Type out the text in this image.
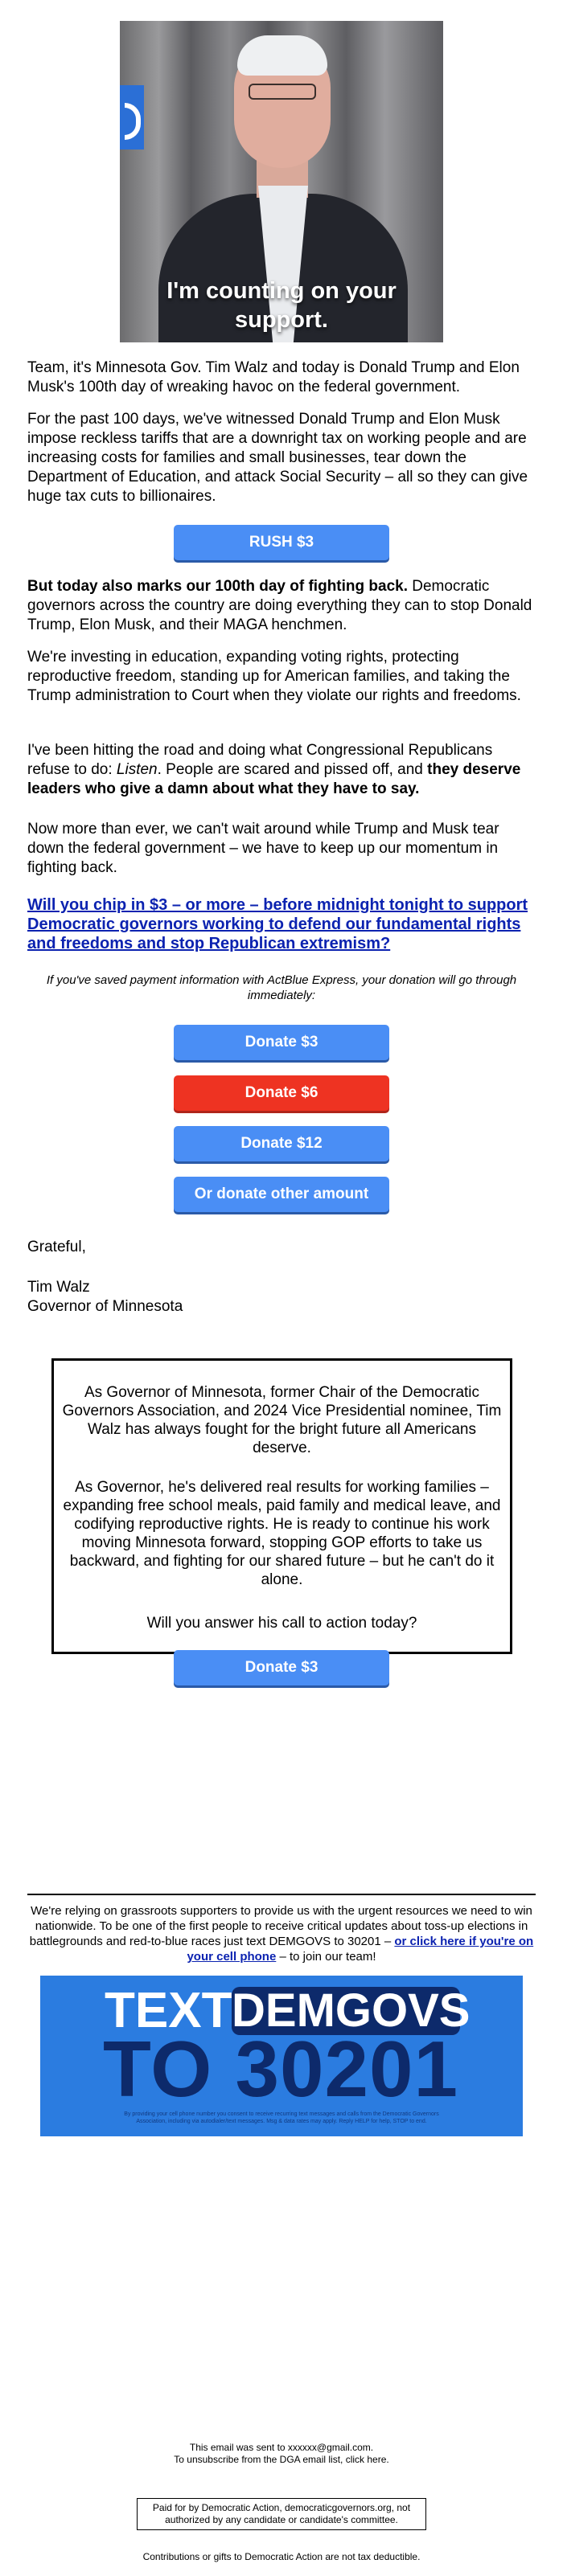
I'm counting on your
support.

Team, it's Minnesota Gov. Tim Walz and today is Donald Trump and Elon Musk's 100th day of wreaking havoc on the federal government.

For the past 100 days, we've witnessed Donald Trump and Elon Musk impose reckless tariffs that are a downright tax on working people and are increasing costs for families and small businesses, tear down the Department of Education, and attack Social Security – all so they can give huge tax cuts to billionaires.

RUSH $3

But today also marks our 100th day of fighting back. Democratic governors across the country are doing everything they can to stop Donald Trump, Elon Musk, and their MAGA henchmen.

We're investing in education, expanding voting rights, protecting reproductive freedom, standing up for American families, and taking the Trump administration to Court when they violate our rights and freedoms.

I've been hitting the road and doing what Congressional Republicans refuse to do: Listen. People are scared and pissed off, and they deserve leaders who give a damn about what they have to say.

Now more than ever, we can't wait around while Trump and Musk tear down the federal government – we have to keep up our momentum in fighting back.

Will you chip in $3 – or more – before midnight tonight to support Democratic governors working to defend our fundamental rights and freedoms and stop Republican extremism?

If you've saved payment information with ActBlue Express, your donation will go through immediately:

Donate $3
Donate $6
Donate $12
Or donate other amount

Grateful,

Tim Walz

Governor of Minnesota

As Governor of Minnesota, former Chair of the Democratic Governors Association, and 2024 Vice Presidential nominee, Tim Walz has always fought for the bright future all Americans deserve.

As Governor, he's delivered real results for working families – expanding free school meals, paid family and medical leave, and codifying reproductive rights. He is ready to continue his work moving Minnesota forward, stopping GOP efforts to take us backward, and fighting for our shared future – but he can't do it alone.

Will you answer his call to action today?

We're relying on grassroots supporters to provide us with the urgent resources we need to win nationwide. To be one of the first people to receive critical updates about toss-up elections in battlegrounds and red-to-blue races just text DEMGOVS to 30201 – or click here if you're on your cell phone – to join our team!

TEXT DEMGOVS
TO 30201
By providing your cell phone number you consent to receive recurring text messages and calls from the Democratic Governors Association, including via autodialer/text messages. Msg & data rates may apply. Reply HELP for help, STOP to end.

This email was sent to xxxxxx@gmail.com.

To unsubscribe from the DGA email list, click here.

Paid for by Democratic Action, democraticgovernors.org, not authorized by any candidate or candidate's committee.

Contributions or gifts to Democratic Action are not tax deductible.

Donate $3
